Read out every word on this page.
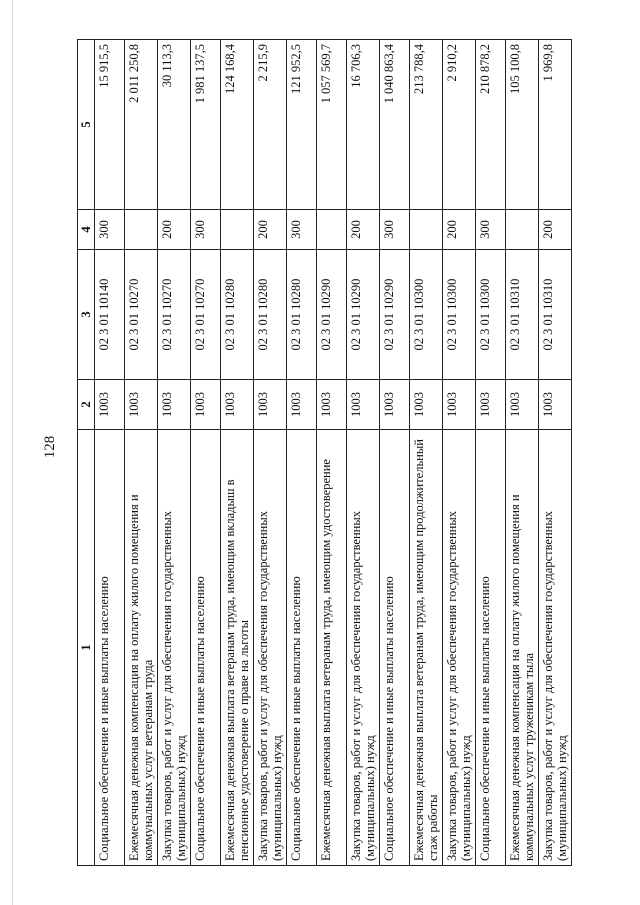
128
1	2	3	4	5
Социальное обеспечение и иные выплаты населению	1003	02 3 01 10140	300	15 915,5
Ежемесячная денежная компенсация на оплату жилого помещения и коммунальных услуг ветеранам труда	1003	02 3 01 10270		2 011 250,8
Закупка товаров, работ и услуг для обеспечения государственных (муниципальных) нужд	1003	02 3 01 10270	200	30 113,3
Социальное обеспечение и иные выплаты населению	1003	02 3 01 10270	300	1 981 137,5
Ежемесячная денежная выплата ветеранам труда, имеющим вкладыш в пенсионное удостоверение о праве на льготы	1003	02 3 01 10280		124 168,4
Закупка товаров, работ и услуг для обеспечения государственных (муниципальных) нужд	1003	02 3 01 10280	200	2 215,9
Социальное обеспечение и иные выплаты населению	1003	02 3 01 10280	300	121 952,5
Ежемесячная денежная выплата ветеранам труда, имеющим удостоверение	1003	02 3 01 10290		1 057 569,7
Закупка товаров, работ и услуг для обеспечения государственных (муниципальных) нужд	1003	02 3 01 10290	200	16 706,3
Социальное обеспечение и иные выплаты населению	1003	02 3 01 10290	300	1 040 863,4
Ежемесячная денежная выплата ветеранам труда, имеющим продолжительный стаж работы	1003	02 3 01 10300		213 788,4
Закупка товаров, работ и услуг для обеспечения государственных (муниципальных) нужд	1003	02 3 01 10300	200	2 910,2
Социальное обеспечение и иные выплаты населению	1003	02 3 01 10300	300	210 878,2
Ежемесячная денежная компенсация на оплату жилого помещения и коммунальных услуг труженикам тыла	1003	02 3 01 10310		105 100,8
Закупка товаров, работ и услуг для обеспечения государственных (муниципальных) нужд	1003	02 3 01 10310	200	1 969,8
